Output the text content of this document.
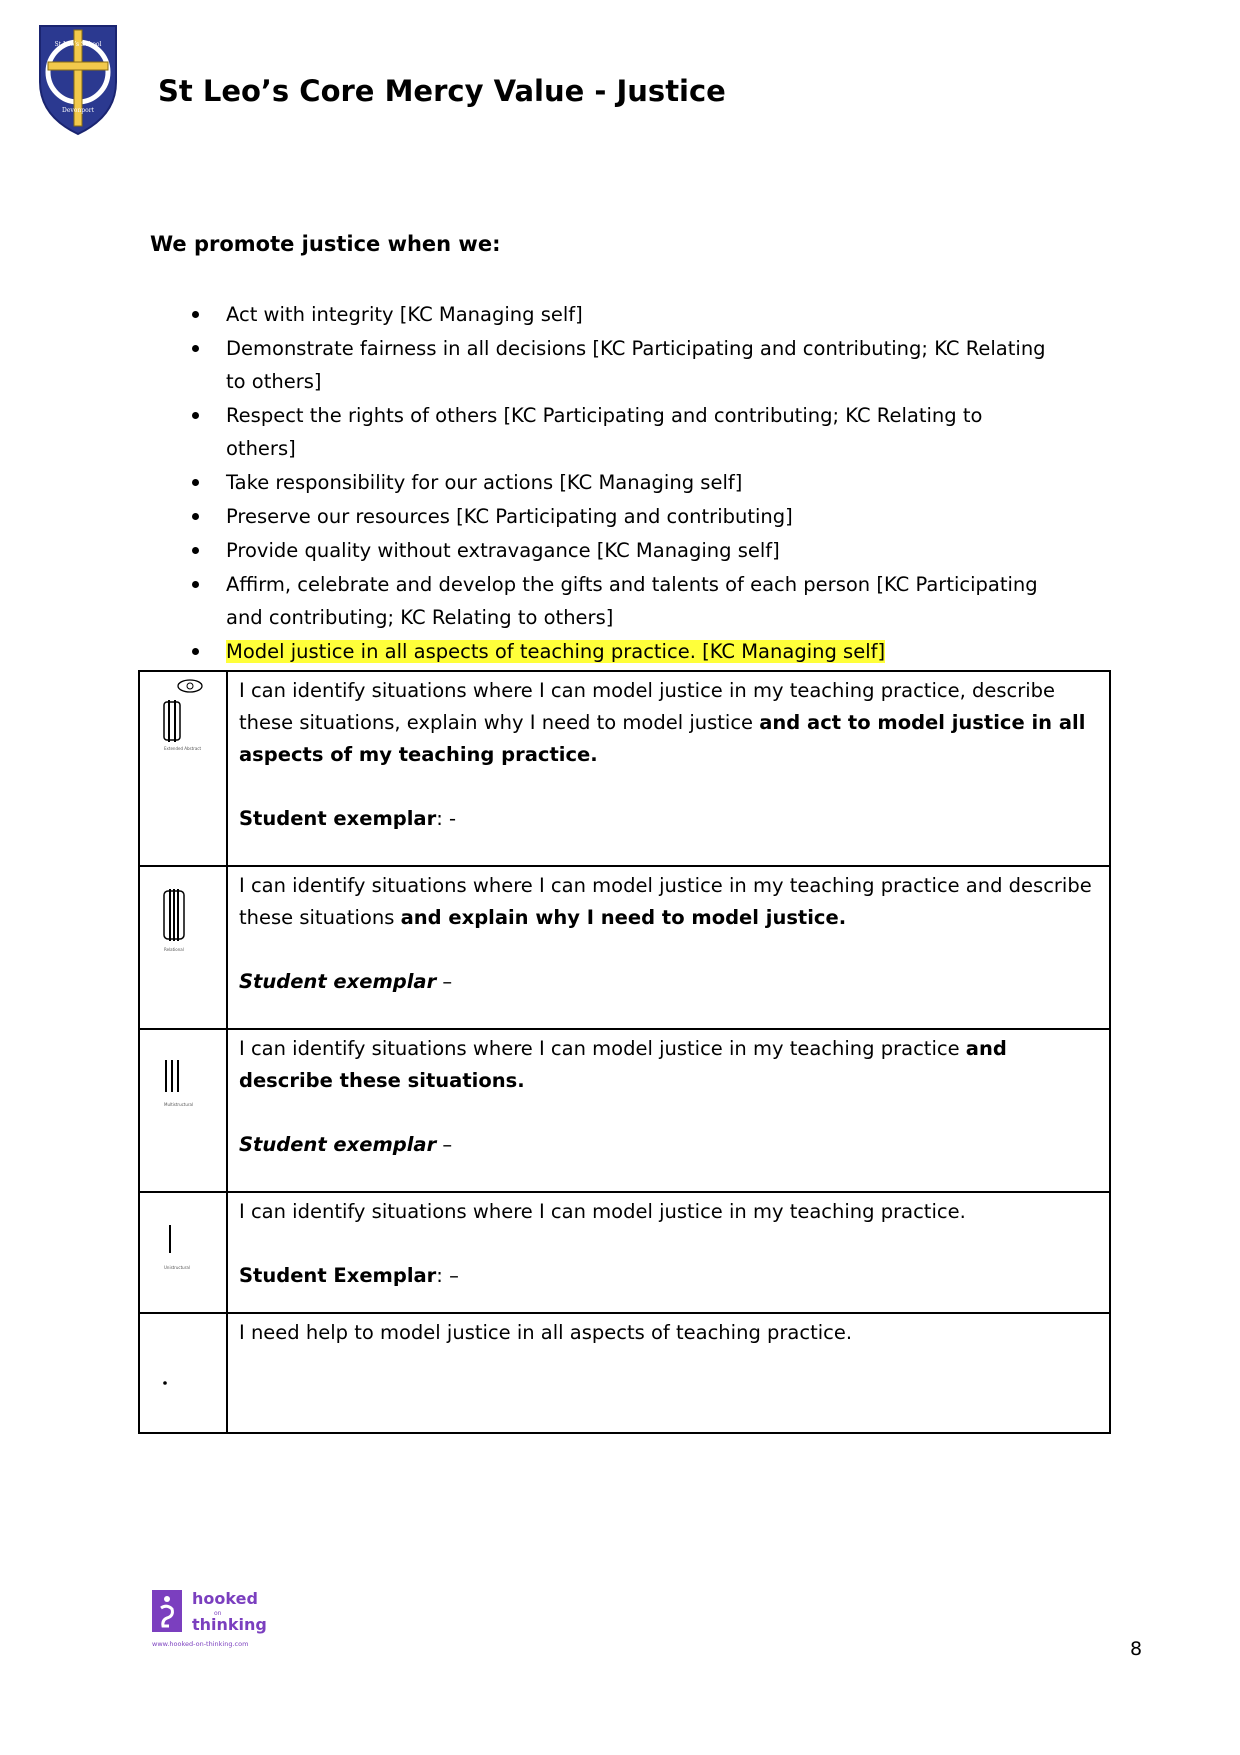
St Leo’s School
Devonport
St Leo’s Core Mercy Value - Justice
We promote justice when we:
Act with integrity [KC Managing self]
Demonstrate fairness in all decisions [KC Participating and contributing; KC Relating to others]
Respect the rights of others [KC Participating and contributing; KC Relating to others]
Take responsibility for our actions [KC Managing self]
Preserve our resources [KC Participating and contributing]
Provide quality without extravagance [KC Managing self]
Affirm, celebrate and develop the gifts and talents of each person [KC Participating and contributing; KC Relating to others]
Model justice in all aspects of teaching practice. [KC Managing self]
Extended Abstract	I can identify situations where I can model justice in my teaching practice, describe these situations, explain why I need to model justice and act to model justice in all aspects of my teaching practice.

Student exemplar: -

Relational	I can identify situations where I can model justice in my teaching practice and describe these situations and explain why I need to model justice.

Student exemplar –

Multistructural	I can identify situations where I can model justice in my teaching practice and describe these situations.

Student exemplar –

Unistructural	I can identify situations where I can model justice in my teaching practice.

Student Exemplar: –

I need help to model justice in all aspects of teaching practice.

hooked
on
thinking
www.hooked-on-thinking.com	8
